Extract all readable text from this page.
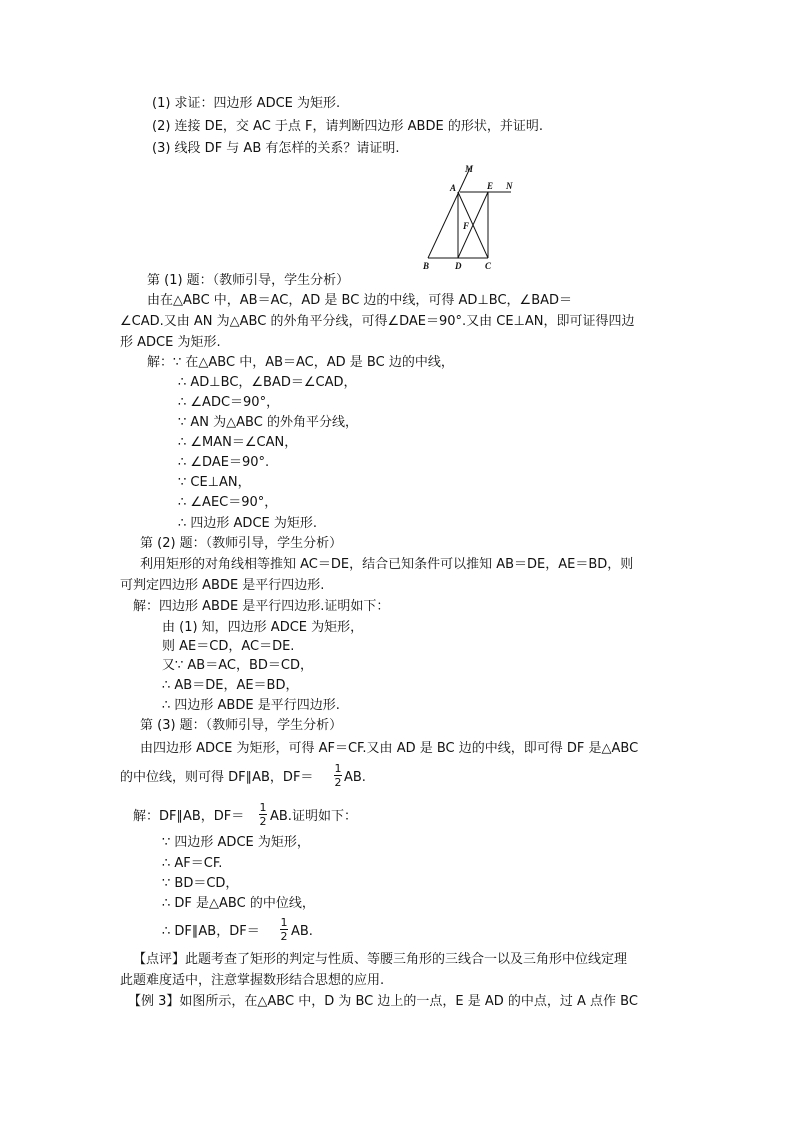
(1) 求证：四边形 ADCE 为矩形.
(2) 连接 DE，交 AC 于点 F，请判断四边形 ABDE 的形状，并证明.
(3) 线段 DF 与 AB 有怎样的关系？请证明.
M
A	E N
F
B	D	C
第 (1) 题：（教师引导，学生分析）
由在△ABC 中，AB＝AC，AD 是 BC 边的中线，可得 AD⊥BC，∠BAD＝
∠CAD.又由 AN 为△ABC 的外角平分线，可得∠DAE＝90°.又由 CE⊥AN，即可证得四边
形 ADCE 为矩形.
解：∵ 在△ABC 中，AB＝AC，AD 是 BC 边的中线，
∴ AD⊥BC，∠BAD＝∠CAD，
∴ ∠ADC＝90°，
∵ AN 为△ABC 的外角平分线，
∴ ∠MAN＝∠CAN，
∴ ∠DAE＝90°.
∵ CE⊥AN，
∴ ∠AEC＝90°，
∴ 四边形 ADCE 为矩形.
第 (2) 题：（教师引导，学生分析）
利用矩形的对角线相等推知 AC＝DE，结合已知条件可以推知 AB＝DE，AE＝BD，则
可判定四边形 ABDE 是平行四边形.
解：四边形 ABDE 是平行四边形.证明如下：
由 (1) 知，四边形 ADCE 为矩形，
则 AE＝CD，AC＝DE.
又∵ AB＝AC，BD＝CD，
∴ AB＝DE，AE＝BD，
∴ 四边形 ABDE 是平行四边形.
第 (3) 题：（教师引导，学生分析）
由四边形 ADCE 为矩形，可得 AF＝CF.又由 AD 是 BC 边的中线，即可得 DF 是△ABC
的中位线，则可得 DF∥AB，DF＝
1
2 AB.
解：DF∥AB，DF＝
1
2 AB.证明如下：
∵ 四边形 ADCE 为矩形，
∴ AF＝CF.
∵ BD＝CD，
∴ DF 是△ABC 的中位线，
∴ DF∥AB，DF＝
1
2 AB.
【点评】此题考查了矩形的判定与性质、等腰三角形的三线合一以及三角形中位线定理
此题难度适中，注意掌握数形结合思想的应用.
【例 3】如图所示，在△ABC 中，D 为 BC 边上的一点，E 是 AD 的中点，过 A 点作 BC
